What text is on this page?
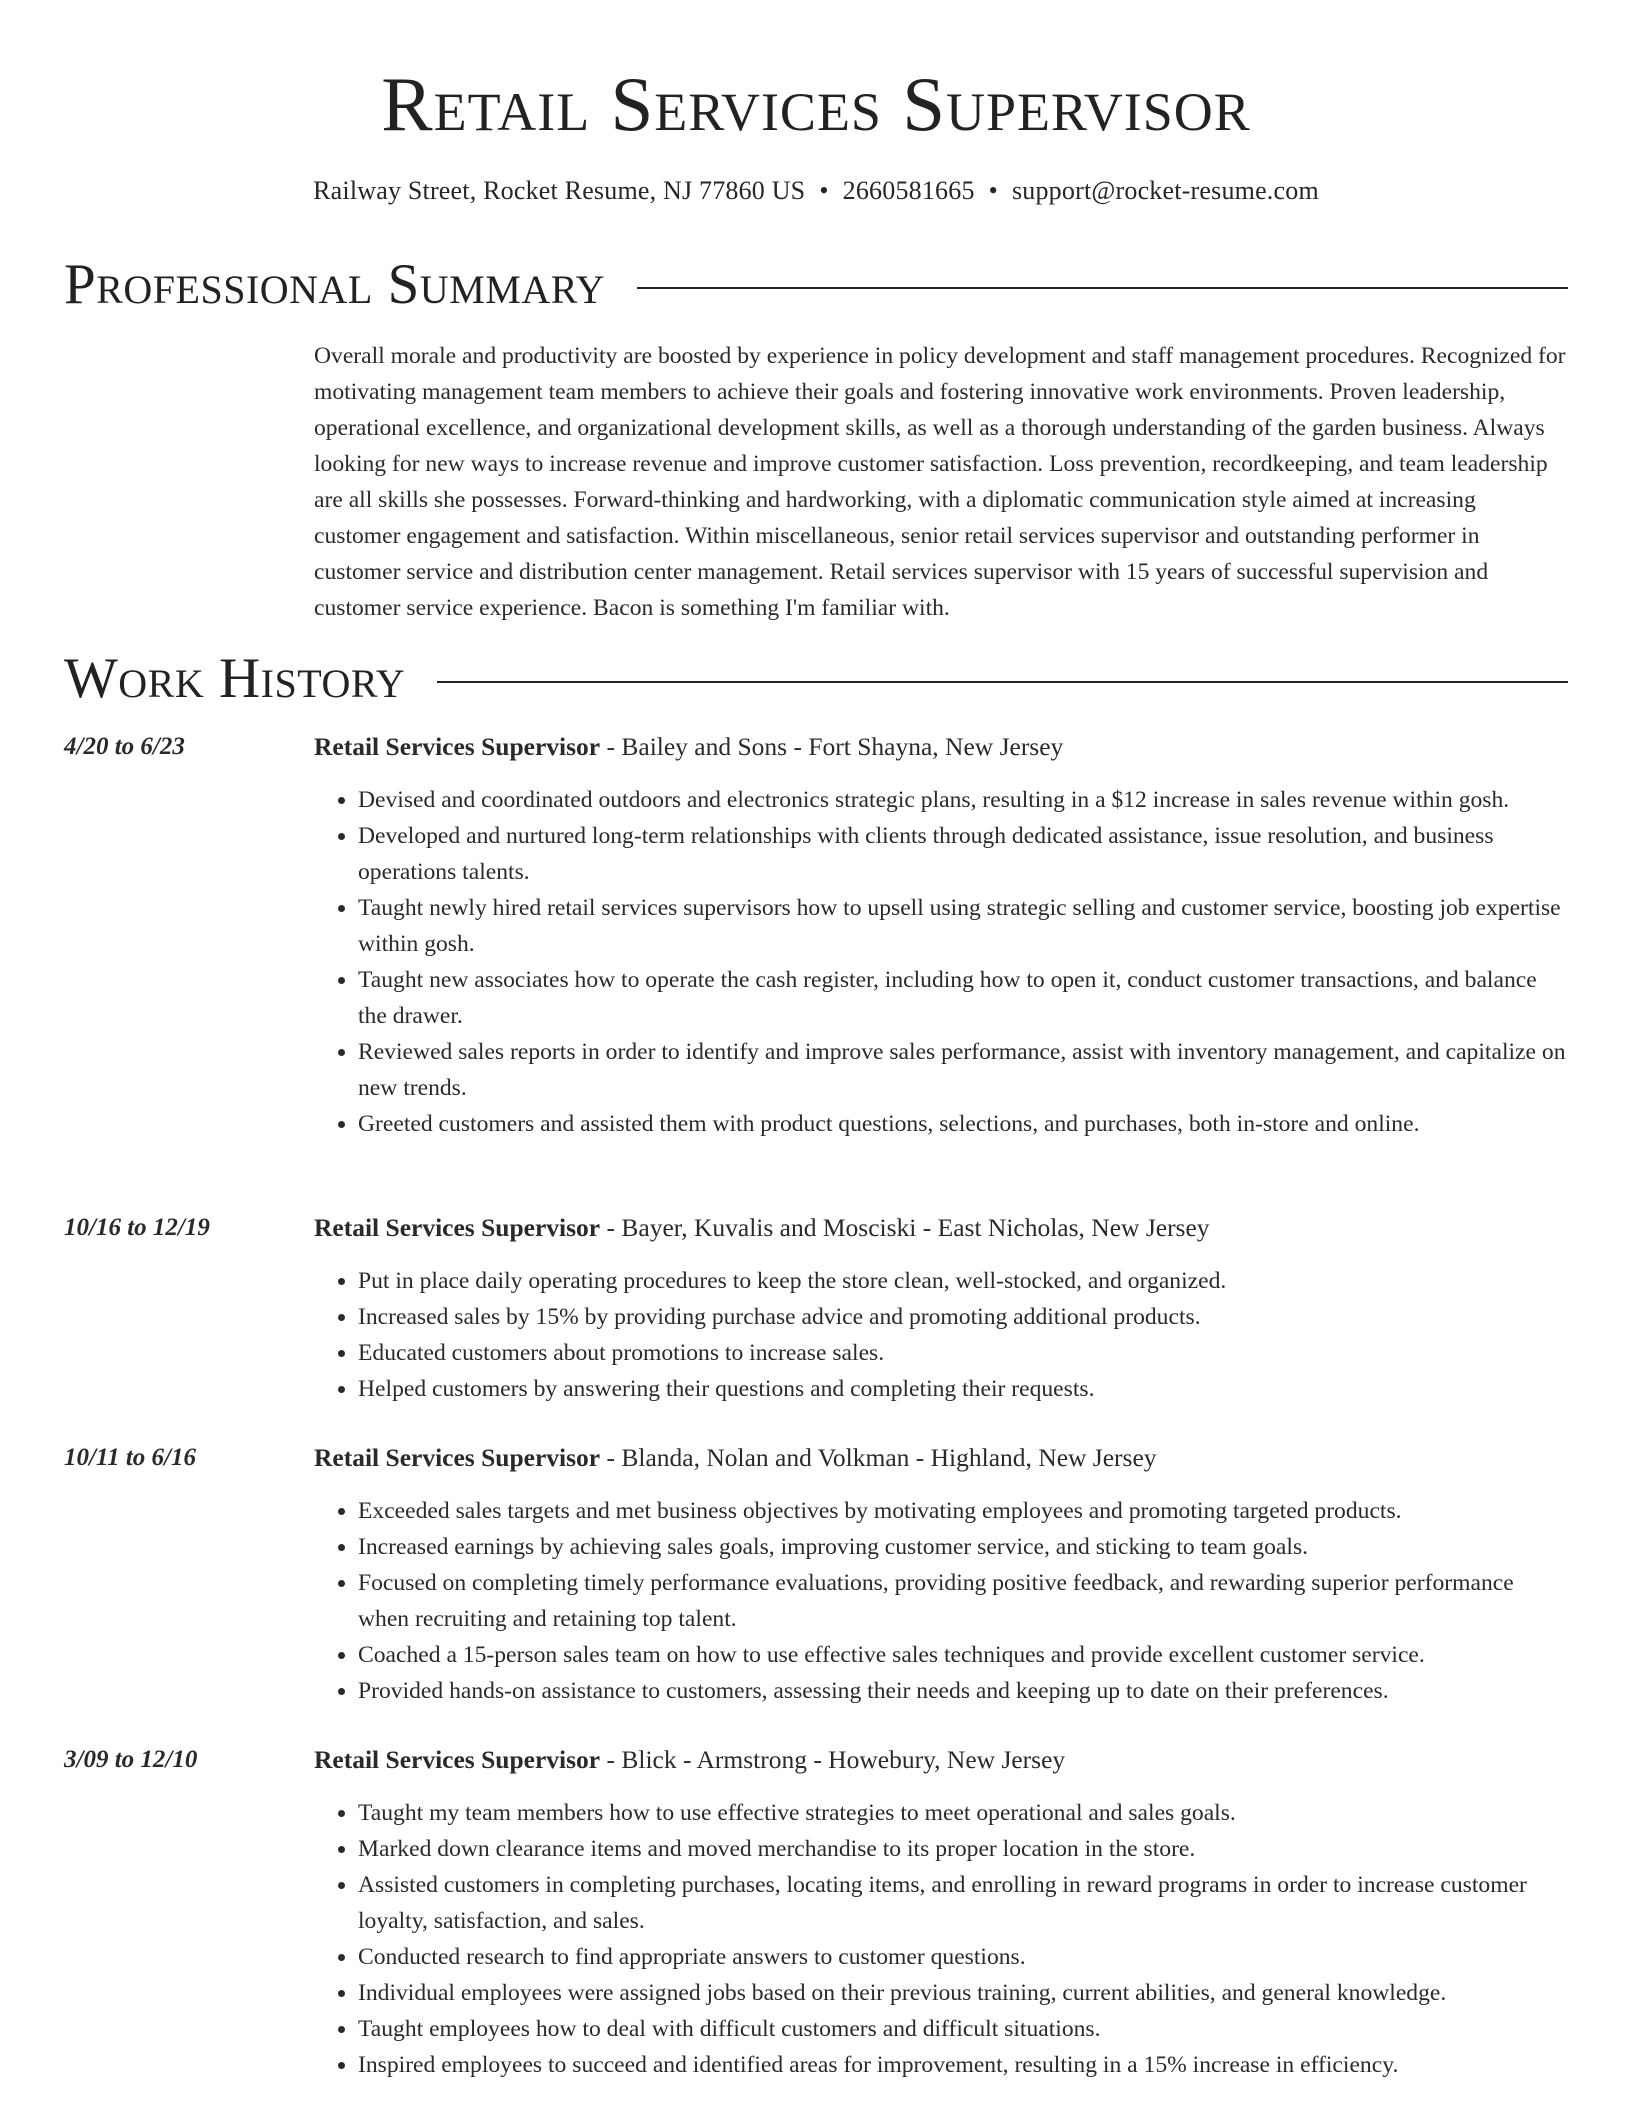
Retail Services Supervisor
Railway Street, Rocket Resume, NJ 77860 US • 2660581665 • support@rocket-resume.com
Professional Summary

Overall morale and productivity are boosted by experience in policy development and staff management procedures. Recognized for motivating management team members to achieve their goals and fostering innovative work environments. Proven leadership, operational excellence, and organizational development skills, as well as a thorough understanding of the garden business. Always looking for new ways to increase revenue and improve customer satisfaction. Loss prevention, recordkeeping, and team leadership are all skills she possesses. Forward-thinking and hardworking, with a diplomatic communication style aimed at increasing customer engagement and satisfaction. Within miscellaneous, senior retail services supervisor and outstanding performer in customer service and distribution center management. Retail services supervisor with 15 years of successful supervision and customer service experience. Bacon is something I'm familiar with.

Work History
4/20 to 6/23	Retail Services Supervisor - Bailey and Sons - Fort Shayna, New Jersey
• Devised and coordinated outdoors and electronics strategic plans, resulting in a $12 increase in sales revenue within gosh.
• Developed and nurtured long-term relationships with clients through dedicated assistance, issue resolution, and business operations talents.
• Taught newly hired retail services supervisors how to upsell using strategic selling and customer service, boosting job expertise within gosh.
• Taught new associates how to operate the cash register, including how to open it, conduct customer transactions, and balance the drawer.
• Reviewed sales reports in order to identify and improve sales performance, assist with inventory management, and capitalize on new trends.
• Greeted customers and assisted them with product questions, selections, and purchases, both in-store and online.
10/16 to 12/19	Retail Services Supervisor - Bayer, Kuvalis and Mosciski - East Nicholas, New Jersey
• Put in place daily operating procedures to keep the store clean, well-stocked, and organized.
• Increased sales by 15% by providing purchase advice and promoting additional products.
• Educated customers about promotions to increase sales.
• Helped customers by answering their questions and completing their requests.
10/11 to 6/16	Retail Services Supervisor - Blanda, Nolan and Volkman - Highland, New Jersey
• Exceeded sales targets and met business objectives by motivating employees and promoting targeted products.
• Increased earnings by achieving sales goals, improving customer service, and sticking to team goals.
• Focused on completing timely performance evaluations, providing positive feedback, and rewarding superior performance when recruiting and retaining top talent.
• Coached a 15-person sales team on how to use effective sales techniques and provide excellent customer service.
• Provided hands-on assistance to customers, assessing their needs and keeping up to date on their preferences.
3/09 to 12/10	Retail Services Supervisor - Blick - Armstrong - Howebury, New Jersey
• Taught my team members how to use effective strategies to meet operational and sales goals.
• Marked down clearance items and moved merchandise to its proper location in the store.
• Assisted customers in completing purchases, locating items, and enrolling in reward programs in order to increase customer loyalty, satisfaction, and sales.
• Conducted research to find appropriate answers to customer questions.
• Individual employees were assigned jobs based on their previous training, current abilities, and general knowledge.
• Taught employees how to deal with difficult customers and difficult situations.
• Inspired employees to succeed and identified areas for improvement, resulting in a 15% increase in efficiency.
